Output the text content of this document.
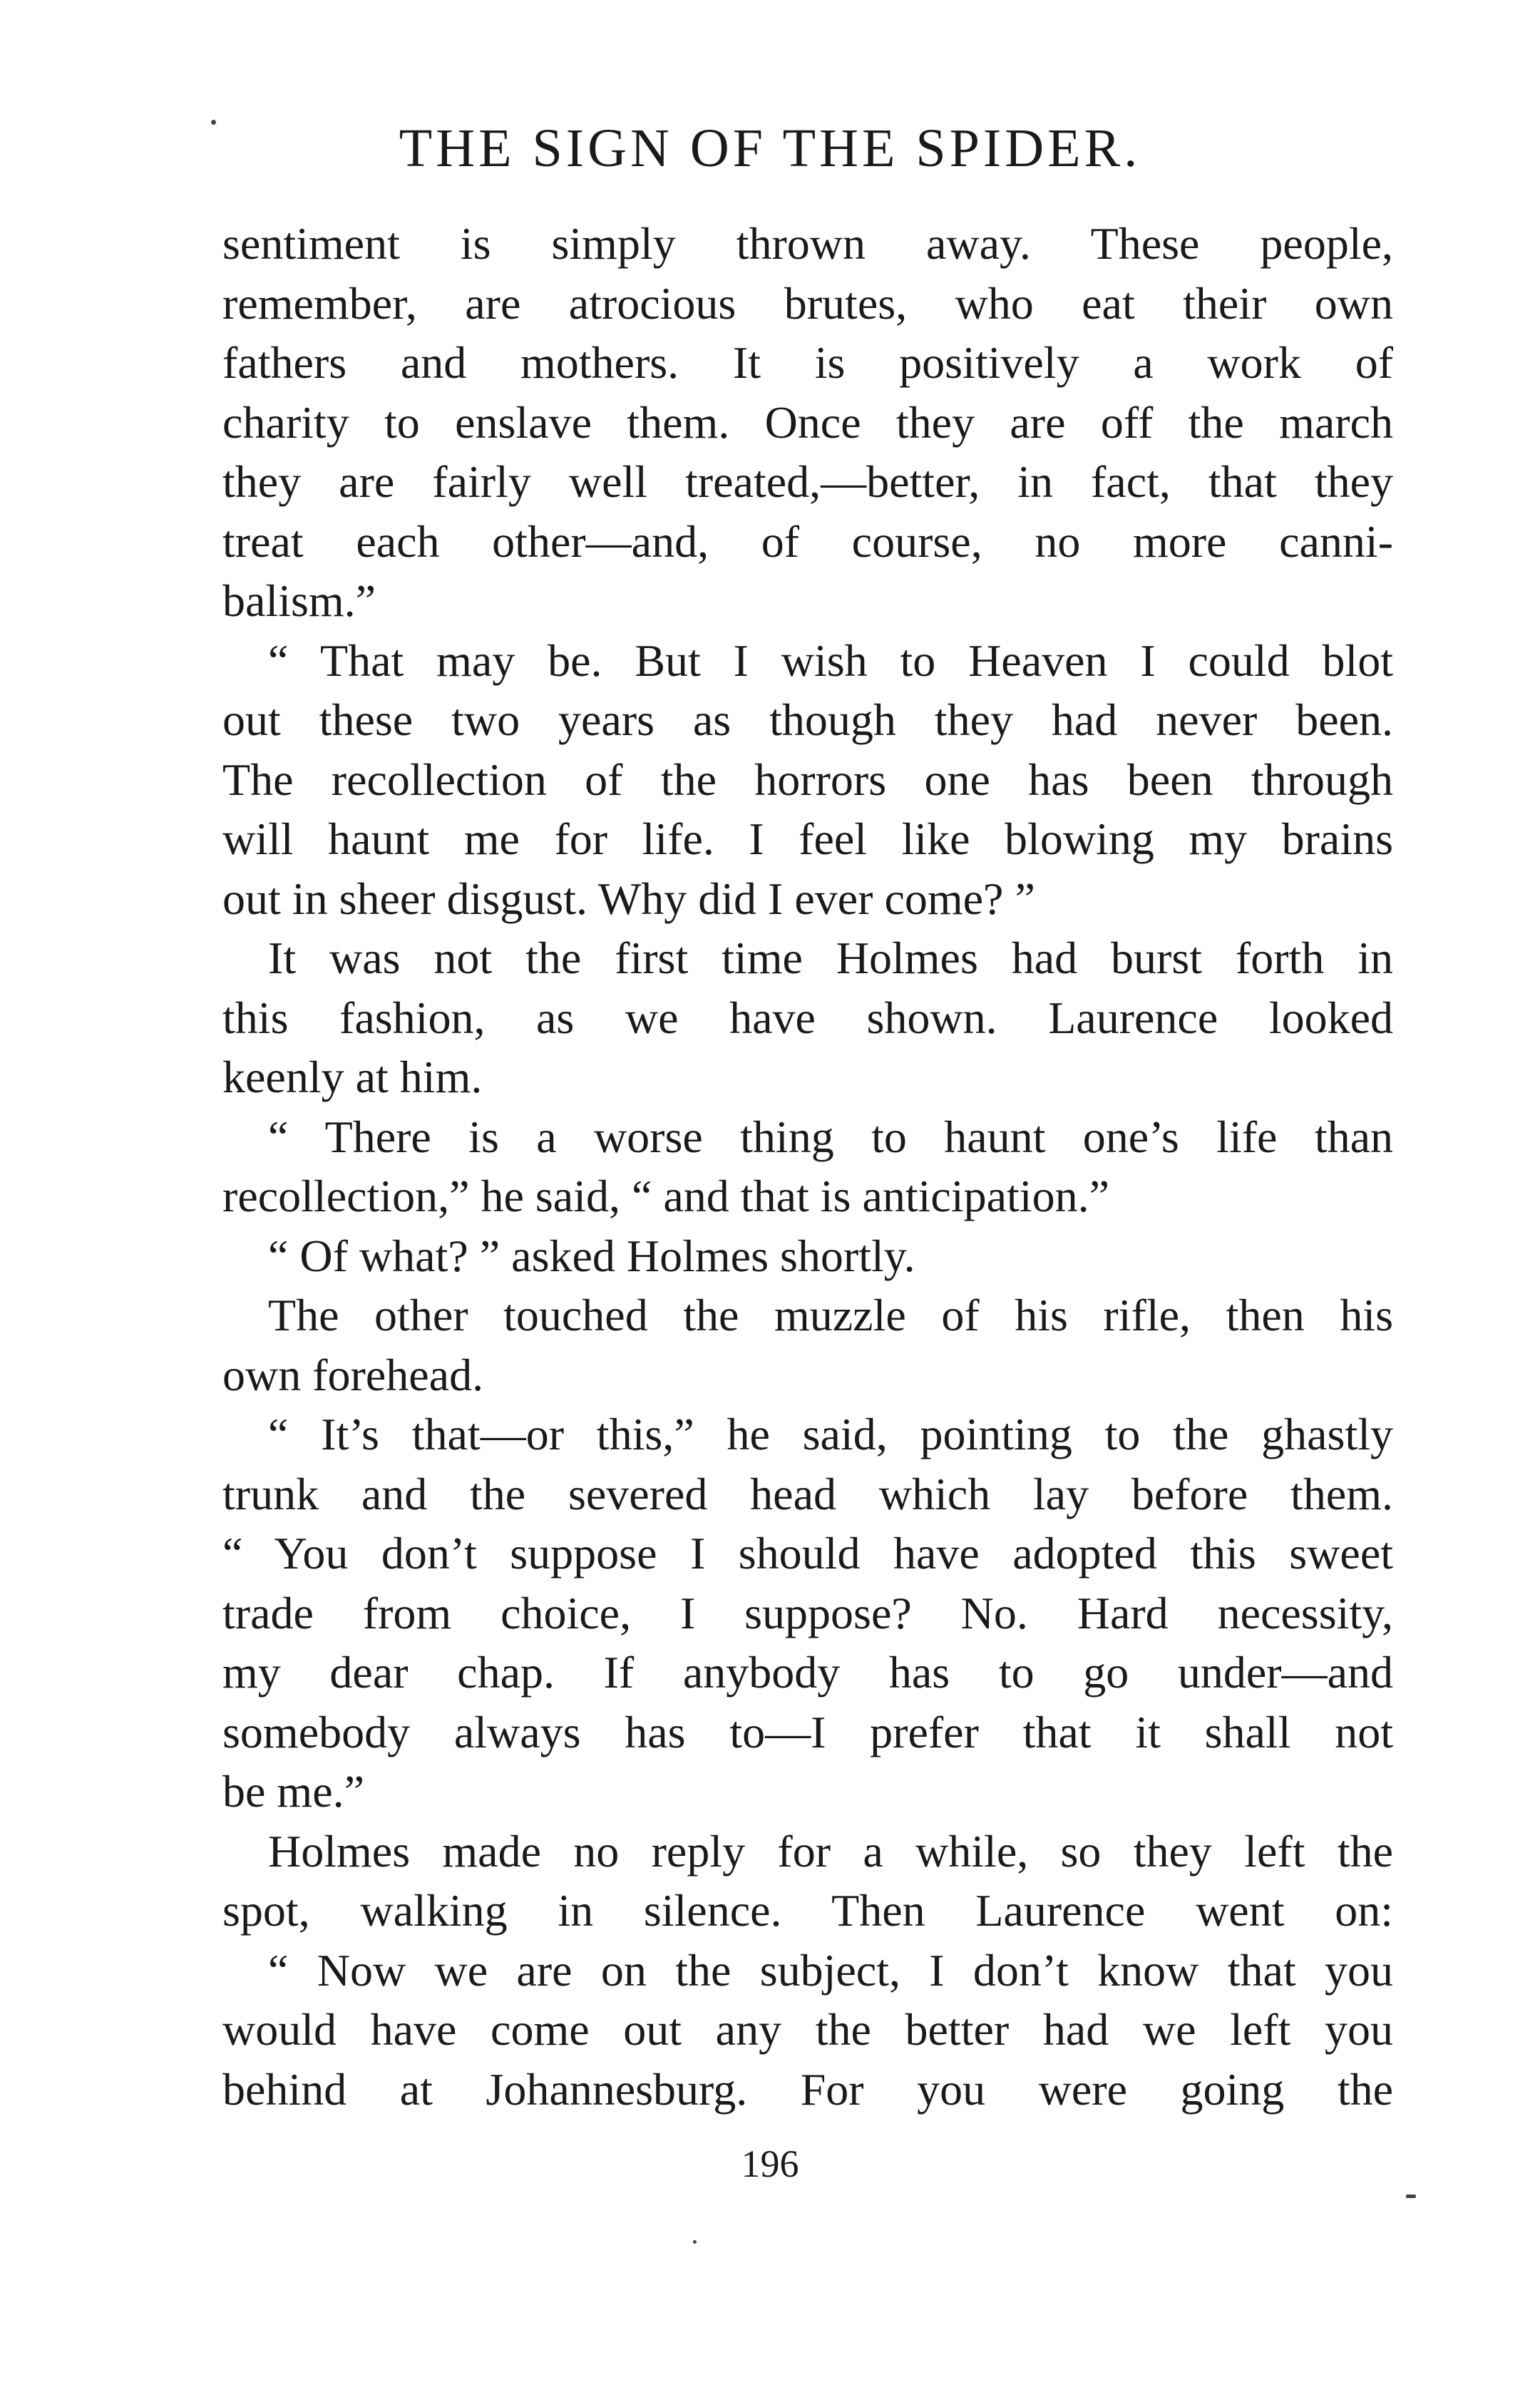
THE SIGN OF THE SPIDER.
sentiment is simply thrown away. These people,
remember, are atrocious brutes, who eat their own
fathers and mothers. It is positively a work of
charity to enslave them. Once they are off the march
they are fairly well treated,—better, in fact, that they
treat each other—and, of course, no more canni-
balism.”
“ That may be. But I wish to Heaven I could blot
out these two years as though they had never been.
The recollection of the horrors one has been through
will haunt me for life. I feel like blowing my brains
out in sheer disgust. Why did I ever come? ”
It was not the first time Holmes had burst forth in
this fashion, as we have shown. Laurence looked
keenly at him.
“ There is a worse thing to haunt one’s life than
recollection,” he said, “ and that is anticipation.”
“ Of what? ” asked Holmes shortly.
The other touched the muzzle of his rifle, then his
own forehead.
“ It’s that—or this,” he said, pointing to the ghastly
trunk and the severed head which lay before them.
“ You don’t suppose I should have adopted this sweet
trade from choice, I suppose? No. Hard necessity,
my dear chap. If anybody has to go under—and
somebody always has to—I prefer that it shall not
be me.”
Holmes made no reply for a while, so they left the
spot, walking in silence. Then Laurence went on:
“ Now we are on the subject, I don’t know that you
would have come out any the better had we left you
behind at Johannesburg. For you were going the
196
